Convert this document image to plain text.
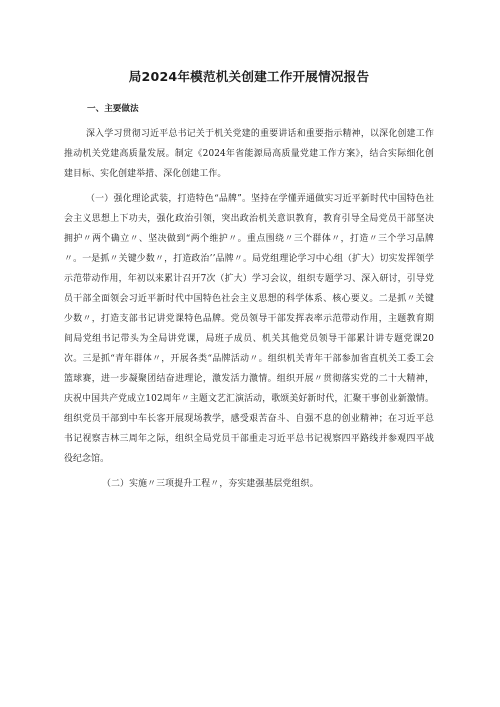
局2024年模范机关创建工作开展情况报告
一、主要做法

深入学习贯彻习近平总书记关于机关党建的重要讲话和重要指示精神，以深化创建工作推动机关党建高质量发展。制定《2024年省能源局高质量党建工作方案》，结合实际细化创建目标、实化创建举措、深化创建工作。

（一）强化理论武装，打造特色“品牌”。坚持在学懂弄通做实习近平新时代中国特色社会主义思想上下功夫，强化政治引领，突出政治机关意识教育，教育引导全局党员干部坚决拥护〃两个确立〃、坚决做到“两个维护〃。重点围绕〃三个群体〃，打造〃三个学习品牌〃。一是抓〃关键少数〃，打造政治’’品牌〃。局党组理论学习中心组（扩大）切实发挥领学示范带动作用，年初以来累计召开7次（扩大）学习会议，组织专题学习、深入研讨，引导党员干部全面领会习近平新时代中国特色社会主义思想的科学体系、核心要义。二是抓〃关键少数〃，打造支部书记讲党课特色品牌。党员领导干部发挥表率示范带动作用，主题教育期间局党组书记带头为全局讲党课，局班子成员、机关其他党员领导干部累计讲专题党课20次。三是抓“青年群体〃，开展各类“品牌活动〃。组织机关青年干部参加省直机关工委工会篮球赛，进一步凝聚团结奋进理论，激发活力激情。组织开展〃贯彻落实党的二十大精神，庆祝中国共产党成立102周年〃主题文艺汇演活动，歌颂美好新时代，汇聚干事创业新激情。组织党员干部到中车长客开展现场教学，感受艰苦奋斗、自强不息的创业精神；在习近平总书记视察吉林三周年之际，组织全局党员干部重走习近平总书记视察四平路线并参观四平战役纪念馆。

（二）实施〃三项提升工程〃，夯实建强基层党组织。
